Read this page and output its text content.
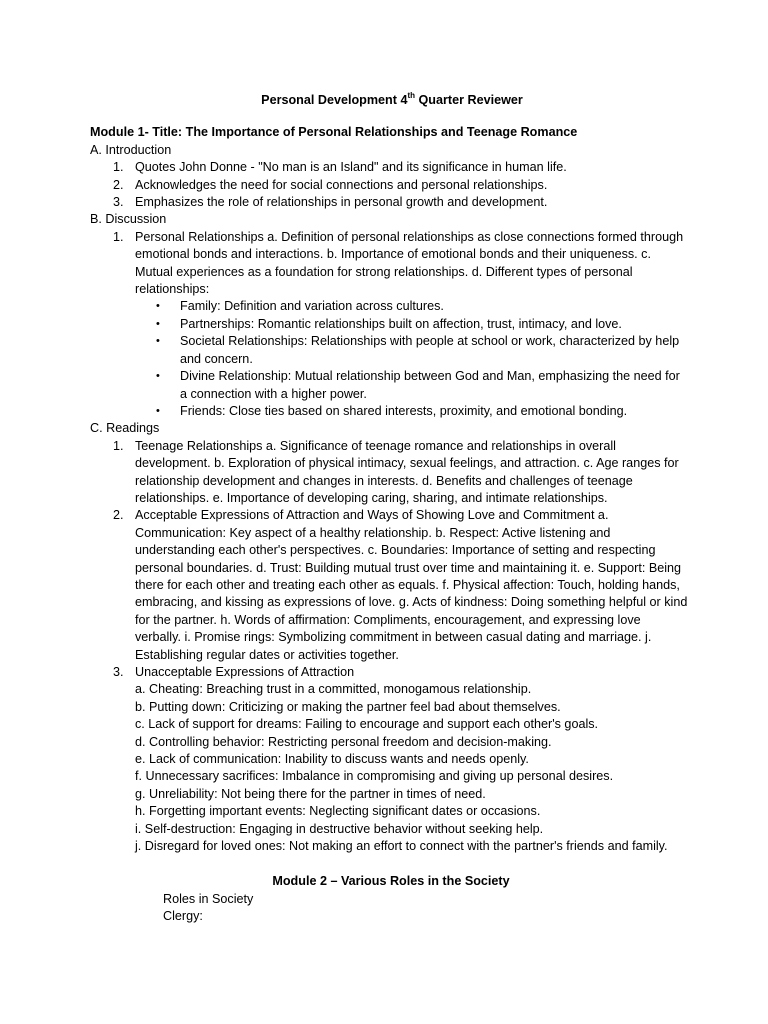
Personal Development 4th Quarter Reviewer

Module 1- Title: The Importance of Personal Relationships and Teenage Romance

A. Introduction

1. Quotes John Donne - "No man is an Island" and its significance in human life.
2. Acknowledges the need for social connections and personal relationships.
3. Emphasizes the role of relationships in personal growth and development.

B. Discussion

1. Personal Relationships a. Definition of personal relationships as close connections formed through emotional bonds and interactions. b. Importance of emotional bonds and their uniqueness. c. Mutual experiences as a foundation for strong relationships. d. Different types of personal relationships:
• Family: Definition and variation across cultures.
• Partnerships: Romantic relationships built on affection, trust, intimacy, and love.
• Societal Relationships: Relationships with people at school or work, characterized by help and concern.
• Divine Relationship: Mutual relationship between God and Man, emphasizing the need for a connection with a higher power.
• Friends: Close ties based on shared interests, proximity, and emotional bonding.

C. Readings

1. Teenage Relationships a. Significance of teenage romance and relationships in overall development. b. Exploration of physical intimacy, sexual feelings, and attraction. c. Age ranges for relationship development and changes in interests. d. Benefits and challenges of teenage relationships. e. Importance of developing caring, sharing, and intimate relationships.
2. Acceptable Expressions of Attraction and Ways of Showing Love and Commitment a. Communication: Key aspect of a healthy relationship. b. Respect: Active listening and understanding each other's perspectives. c. Boundaries: Importance of setting and respecting personal boundaries. d. Trust: Building mutual trust over time and maintaining it. e. Support: Being there for each other and treating each other as equals. f. Physical affection: Touch, holding hands, embracing, and kissing as expressions of love. g. Acts of kindness: Doing something helpful or kind for the partner. h. Words of affirmation: Compliments, encouragement, and expressing love verbally. i. Promise rings: Symbolizing commitment in between casual dating and marriage. j. Establishing regular dates or activities together.
3. Unacceptable Expressions of Attraction
a. Cheating: Breaching trust in a committed, monogamous relationship.
b. Putting down: Criticizing or making the partner feel bad about themselves.
c. Lack of support for dreams: Failing to encourage and support each other's goals.
d. Controlling behavior: Restricting personal freedom and decision-making.
e. Lack of communication: Inability to discuss wants and needs openly.
f. Unnecessary sacrifices: Imbalance in compromising and giving up personal desires.
g. Unreliability: Not being there for the partner in times of need.
h. Forgetting important events: Neglecting significant dates or occasions.
i. Self-destruction: Engaging in destructive behavior without seeking help.
j. Disregard for loved ones: Not making an effort to connect with the partner's friends and family.

Module 2 – Various Roles in the Society

Roles in Society

Clergy:
